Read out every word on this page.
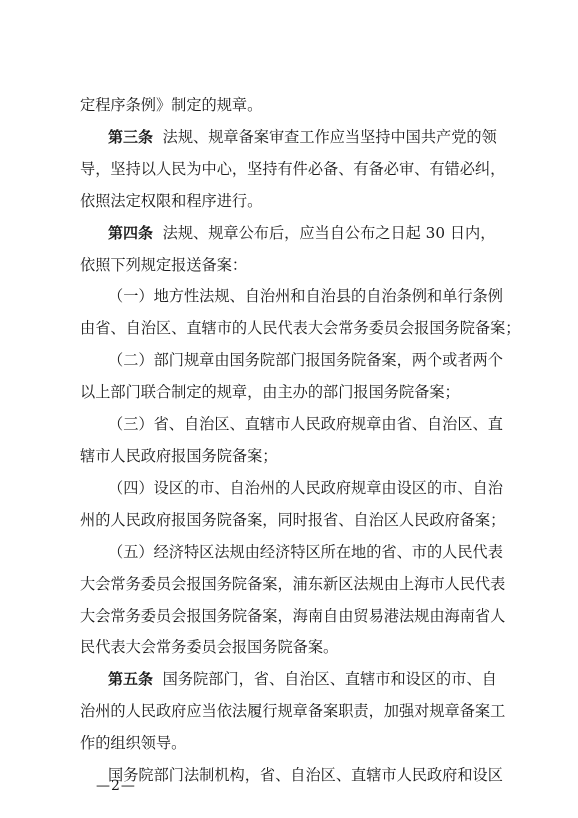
定程序条例》制定的规章。
第三条 法规、规章备案审查工作应当坚持中国共产党的领
导，坚持以人民为中心，坚持有件必备、有备必审、有错必纠，
依照法定权限和程序进行。
第四条 法规、规章公布后，应当自公布之日起 30 日内，
依照下列规定报送备案：
（一）地方性法规、自治州和自治县的自治条例和单行条例
由省、自治区、直辖市的人民代表大会常务委员会报国务院备案；
（二）部门规章由国务院部门报国务院备案，两个或者两个
以上部门联合制定的规章，由主办的部门报国务院备案；
（三）省、自治区、直辖市人民政府规章由省、自治区、直
辖市人民政府报国务院备案；
（四）设区的市、自治州的人民政府规章由设区的市、自治
州的人民政府报国务院备案，同时报省、自治区人民政府备案；
（五）经济特区法规由经济特区所在地的省、市的人民代表
大会常务委员会报国务院备案，浦东新区法规由上海市人民代表
大会常务委员会报国务院备案，海南自由贸易港法规由海南省人
民代表大会常务委员会报国务院备案。
第五条 国务院部门，省、自治区、直辖市和设区的市、自
治州的人民政府应当依法履行规章备案职责，加强对规章备案工
作的组织领导。
国务院部门法制机构，省、自治区、直辖市人民政府和设区
—2—
